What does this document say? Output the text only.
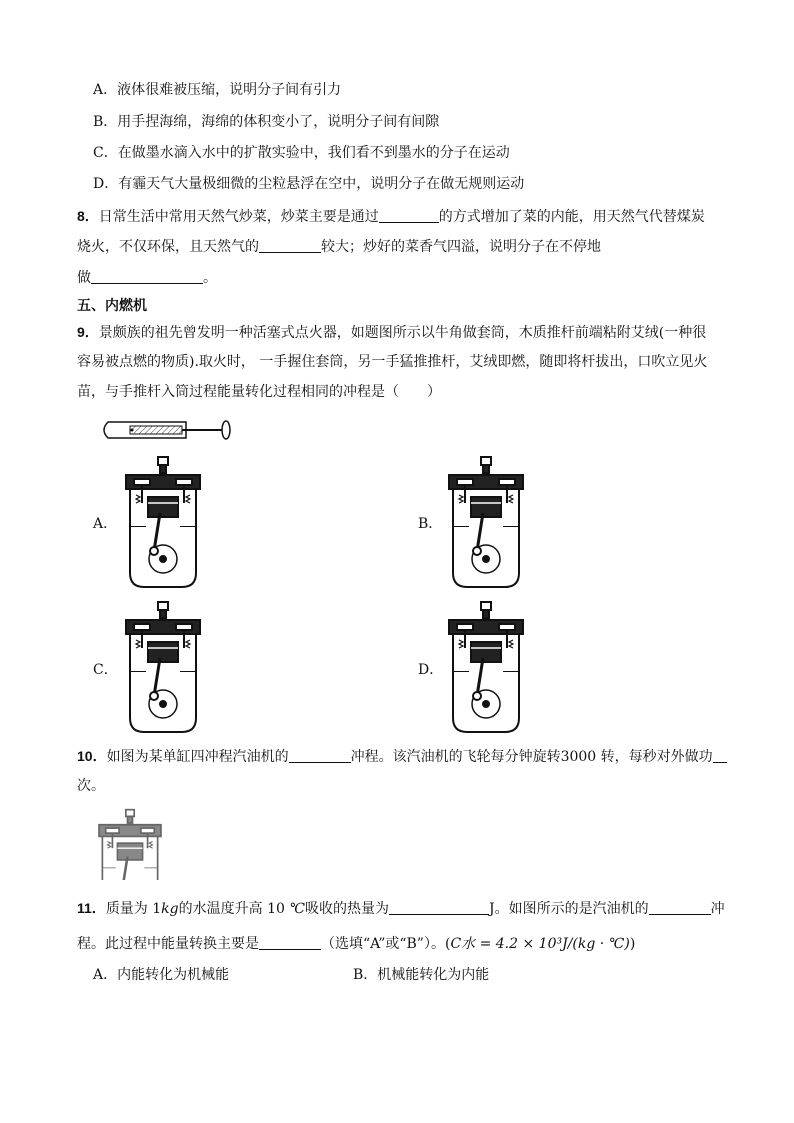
A．液体很难被压缩，说明分子间有引力
B．用手捏海绵，海绵的体积变小了，说明分子间有间隙
C．在做墨水滴入水中的扩散实验中，我们看不到墨水的分子在运动
D．有霾天气大量极细微的尘粒悬浮在空中，说明分子在做无规则运动
8．日常生活中常用天然气炒菜，炒菜主要是通过	的方式增加了菜的内能，用天然气代替煤炭
烧火，不仅环保，且天然气的	较大；炒好的菜香气四溢，说明分子在不停地
做	。
五、内燃机
9．景颇族的祖先曾发明一种活塞式点火器，如题图所示以牛角做套筒，木质推杆前端粘附艾绒(一种很
容易被点燃的物质).取火时， 一手握住套筒，另一手猛推推杆，艾绒即燃，随即将杆拔出，口吹立见火
苗，与手推杆入筒过程能量转化过程相同的冲程是（　　）
A．	B．
C．	D．
10．如图为某单缸四冲程汽油机的	冲程。该汽油机的飞轮每分钟旋转3000 转，每秒对外做功
次。
11．质量为 1kg的水温度升高 10 ℃吸收的热量为	J。如图所示的是汽油机的	冲
程。此过程中能量转换主要是	（选填“A”或“B”）。(C水 = 4.2 × 10³J/(kg · ℃))
A．内能转化为机械能	B．机械能转化为内能
